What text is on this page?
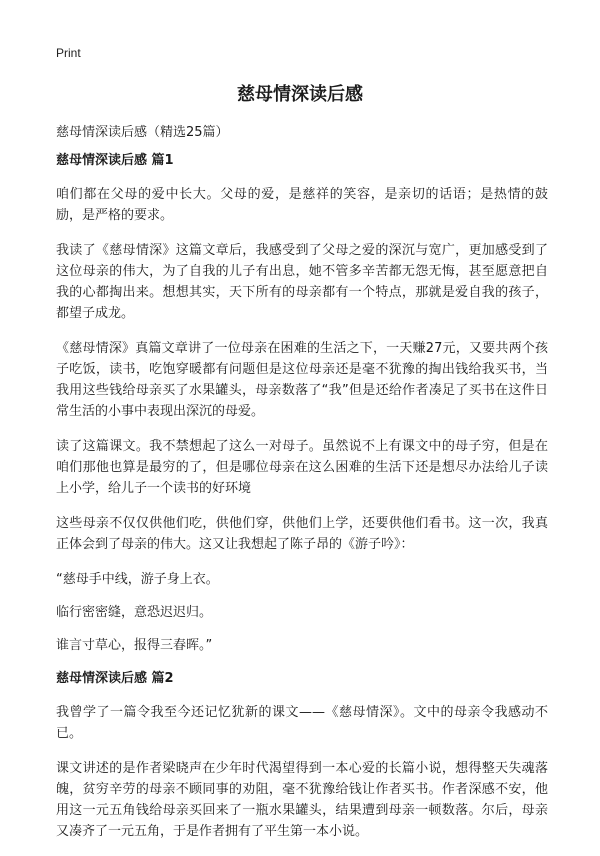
Print
慈母情深读后感
慈母情深读后感（精选25篇）
慈母情深读后感 篇1

咱们都在父母的爱中长大。父母的爱，是慈祥的笑容，是亲切的话语；是热情的鼓励，是严格的要求。

我读了《慈母情深》这篇文章后，我感受到了父母之爱的深沉与宽广，更加感受到了这位母亲的伟大，为了自我的儿子有出息，她不管多辛苦都无怨无悔，甚至愿意把自我的心都掏出来。想想其实，天下所有的母亲都有一个特点，那就是爱自我的孩子，都望子成龙。

《慈母情深》真篇文章讲了一位母亲在困难的生活之下，一天赚27元，又要共两个孩子吃饭，读书，吃饱穿暖都有问题但是这位母亲还是毫不犹豫的掏出钱给我买书，当我用这些钱给母亲买了水果罐头，母亲数落了“我”但是还给作者凑足了买书在这件日常生活的小事中表现出深沉的母爱。

读了这篇课文。我不禁想起了这么一对母子。虽然说不上有课文中的母子穷，但是在咱们那他也算是最穷的了，但是哪位母亲在这么困难的生活下还是想尽办法给儿子读上小学，给儿子一个读书的好环境

这些母亲不仅仅供他们吃，供他们穿，供他们上学，还要供他们看书。这一次，我真正体会到了母亲的伟大。这又让我想起了陈子昂的《游子吟》：

“慈母手中线，游子身上衣。

临行密密缝，意恐迟迟归。

谁言寸草心，报得三春晖。”

慈母情深读后感 篇2

我曾学了一篇令我至今还记忆犹新的课文——《慈母情深》。文中的母亲令我感动不已。

课文讲述的是作者梁晓声在少年时代渴望得到一本心爱的长篇小说，想得整天失魂落魄，贫穷辛劳的母亲不顾同事的劝阻，毫不犹豫给钱让作者买书。作者深感不安，他用这一元五角钱给母亲买回来了一瓶水果罐头，结果遭到母亲一顿数落。尔后，母亲又凑齐了一元五角，于是作者拥有了平生第一本小说。
